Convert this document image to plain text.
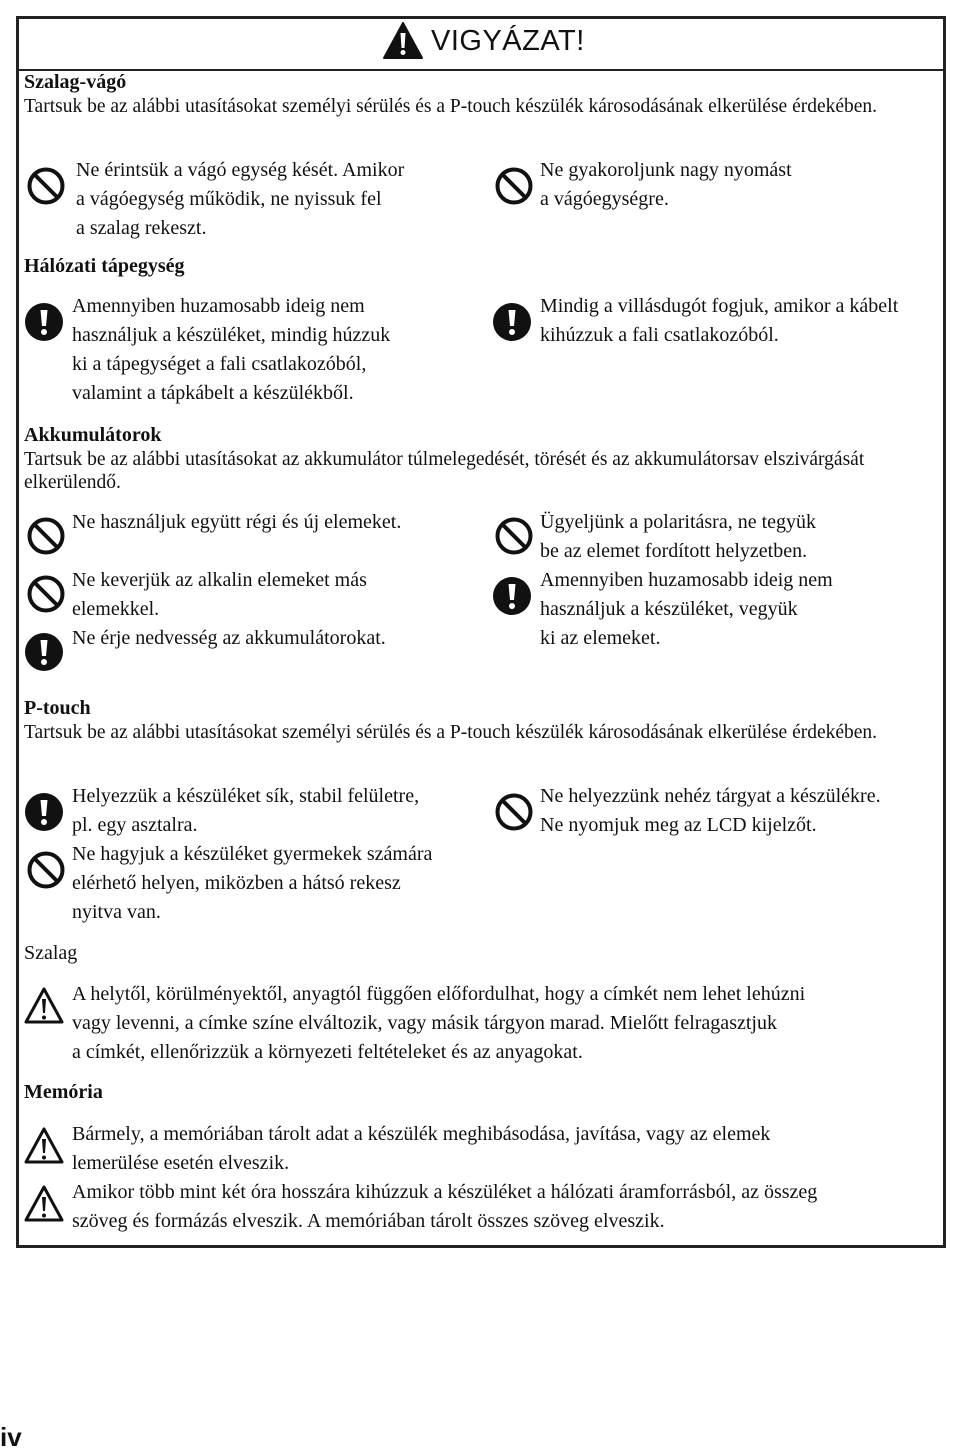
VIGYÁZAT!
Szalag-vágó
Tartsuk be az alábbi utasításokat személyi sérülés és a P-touch készülék károsodásának elkerülése érdekében.
Ne érintsük a vágó egység kését. Amikor
a vágóegység működik, ne nyissuk fel
a szalag rekeszt.
Ne gyakoroljunk nagy nyomást
a vágóegységre.
Hálózati tápegység
Amennyiben huzamosabb ideig nem
használjuk a készüléket, mindig húzzuk
ki a tápegységet a fali csatlakozóból,
valamint a tápkábelt a készülékből.
Mindig a villásdugót fogjuk, amikor a kábelt
kihúzzuk a fali csatlakozóból.
Akkumulátorok
Tartsuk be az alábbi utasításokat az akkumulátor túlmelegedését, törését és az akkumulátorsav elszivárgását elkerülendő.
Ne használjuk együtt régi és új elemeket.
Ne keverjük az alkalin elemeket más
elemekkel.
Ne érje nedvesség az akkumulátorokat.
Ügyeljünk a polaritásra, ne tegyük
be az elemet fordított helyzetben.
Amennyiben huzamosabb ideig nem
használjuk a készüléket, vegyük
ki az elemeket.
P-touch
Tartsuk be az alábbi utasításokat személyi sérülés és a P-touch készülék károsodásának elkerülése érdekében.
Helyezzük a készüléket sík, stabil felületre,
pl. egy asztalra.
Ne hagyjuk a készüléket gyermekek számára
elérhető helyen, miközben a hátsó rekesz
nyitva van.
Ne helyezzünk nehéz tárgyat a készülékre.
Ne nyomjuk meg az LCD kijelzőt.
Szalag
A helytől, körülményektől, anyagtól függően előfordulhat, hogy a címkét nem lehet lehúzni
vagy levenni, a címke színe elváltozik, vagy másik tárgyon marad. Mielőtt felragasztjuk
a címkét, ellenőrizzük a környezeti feltételeket és az anyagokat.
Memória
Bármely, a memóriában tárolt adat a készülék meghibásodása, javítása, vagy az elemek
lemerülése esetén elveszik.
Amikor több mint két óra hosszára kihúzzuk a készüléket a hálózati áramforrásból, az összeg
szöveg és formázás elveszik. A memóriában tárolt összes szöveg elveszik.
iv
